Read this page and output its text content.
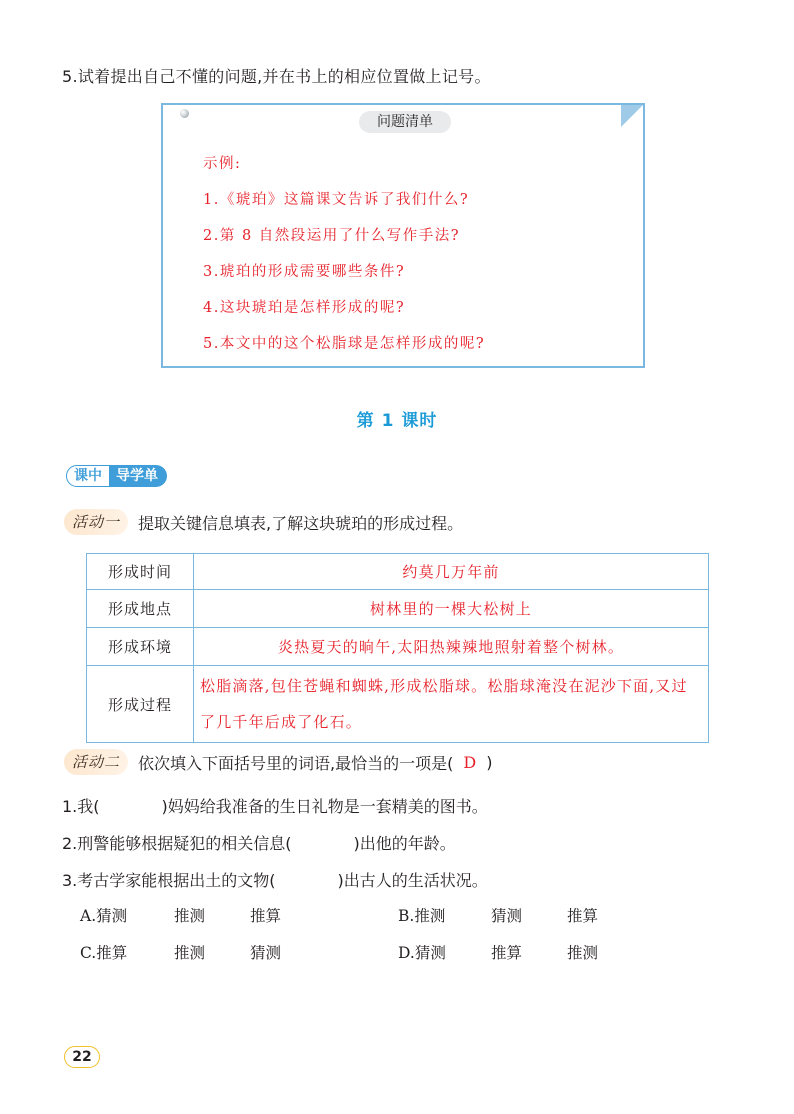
5.试着提出自己不懂的问题,并在书上的相应位置做上记号。
问题清单
示例:
1.《琥珀》这篇课文告诉了我们什么?
2.第 8 自然段运用了什么写作手法?
3.琥珀的形成需要哪些条件?
4.这块琥珀是怎样形成的呢?
5.本文中的这个松脂球是怎样形成的呢?
第 1 课时
课中	导学单
活动一	提取关键信息填表,了解这块琥珀的形成过程。
形成时间	约莫几万年前
形成地点	树林里的一棵大松树上
形成环境	炎热夏天的晌午,太阳热辣辣地照射着整个树林。
形成过程	松脂滴落,包住苍蝇和蜘蛛,形成松脂球。松脂球淹没在泥沙下面,又过了几千年后成了化石。
活动二	依次填入下面括号里的词语,最恰当的一项是( D )
1.我(	)妈妈给我准备的生日礼物是一套精美的图书。
2.刑警能够根据疑犯的相关信息(	)出他的年龄。
3.考古学家能根据出土的文物(	)出古人的生活状况。
A.猜测	推测	推算	B.推测	猜测	推算
C.推算	推测	猜测	D.猜测	推算	推测
22
